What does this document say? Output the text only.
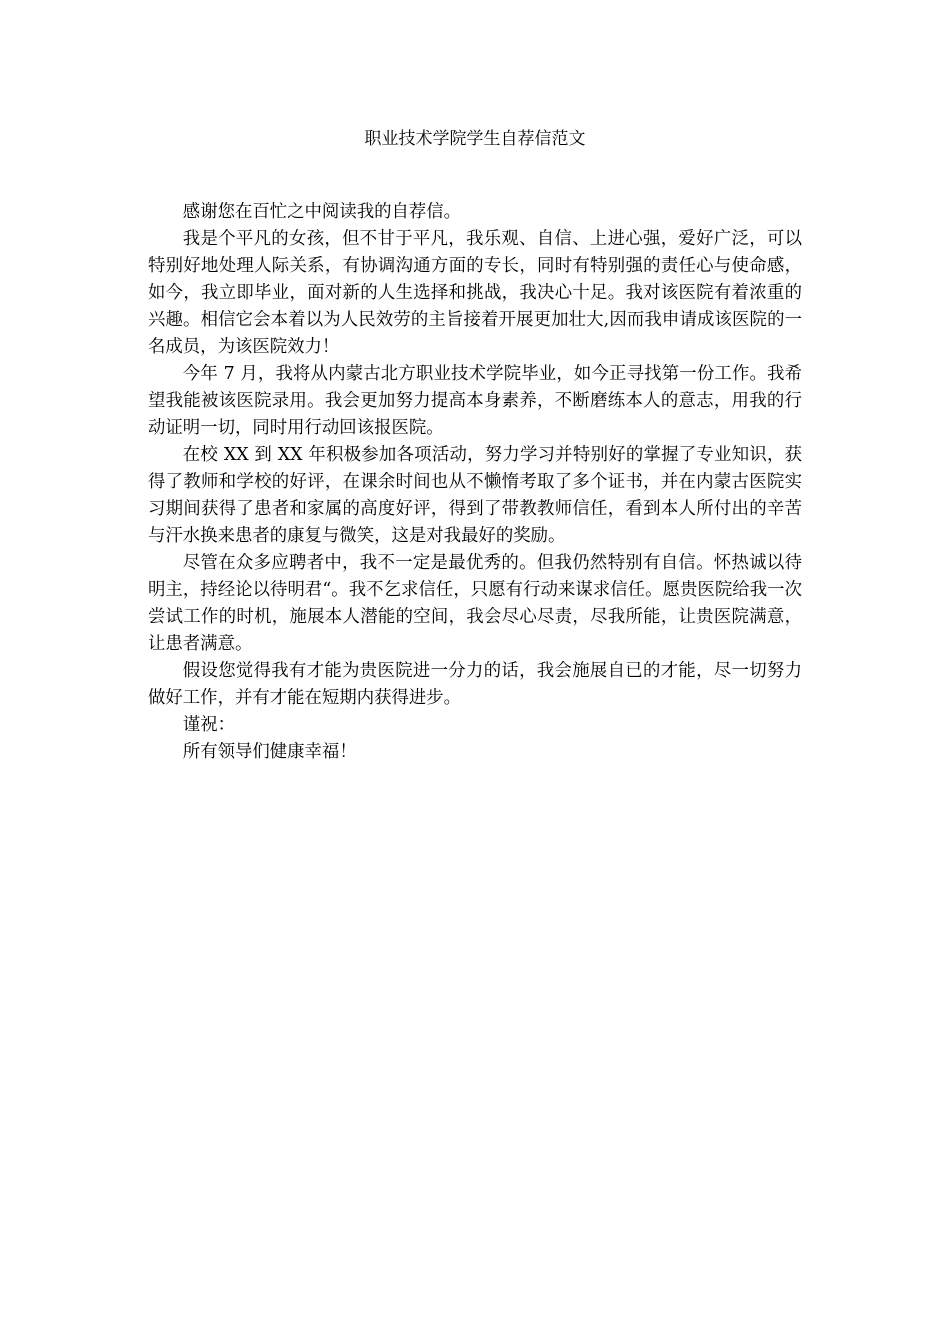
职业技术学院学生自荐信范文

感谢您在百忙之中阅读我的自荐信。

我是个平凡的女孩，但不甘于平凡，我乐观、自信、上进心强，爱好广泛，可以特别好地处理人际关系，有协调沟通方面的专长，同时有特别强的责任心与使命感，如今，我立即毕业，面对新的人生选择和挑战，我决心十足。我对该医院有着浓重的兴趣。相信它会本着以为人民效劳的主旨接着开展更加壮大,因而我申请成该医院的一名成员，为该医院效力！

今年 7 月，我将从内蒙古北方职业技术学院毕业，如今正寻找第一份工作。我希望我能被该医院录用。我会更加努力提高本身素养，不断磨练本人的意志，用我的行动证明一切，同时用行动回该报医院。

在校 XX 到 XX 年积极参加各项活动，努力学习并特别好的掌握了专业知识，获得了教师和学校的好评，在课余时间也从不懒惰考取了多个证书，并在内蒙古医院实习期间获得了患者和家属的高度好评，得到了带教教师信任，看到本人所付出的辛苦与汗水换来患者的康复与微笑，这是对我最好的奖励。

尽管在众多应聘者中，我不一定是最优秀的。但我仍然特别有自信。怀热诚以待明主，持经论以待明君“。我不乞求信任，只愿有行动来谋求信任。愿贵医院给我一次尝试工作的时机，施展本人潜能的空间，我会尽心尽责，尽我所能，让贵医院满意，让患者满意。

假设您觉得我有才能为贵医院进一分力的话，我会施展自已的才能，尽一切努力做好工作，并有才能在短期内获得进步。

谨祝：

所有领导们健康幸福！
